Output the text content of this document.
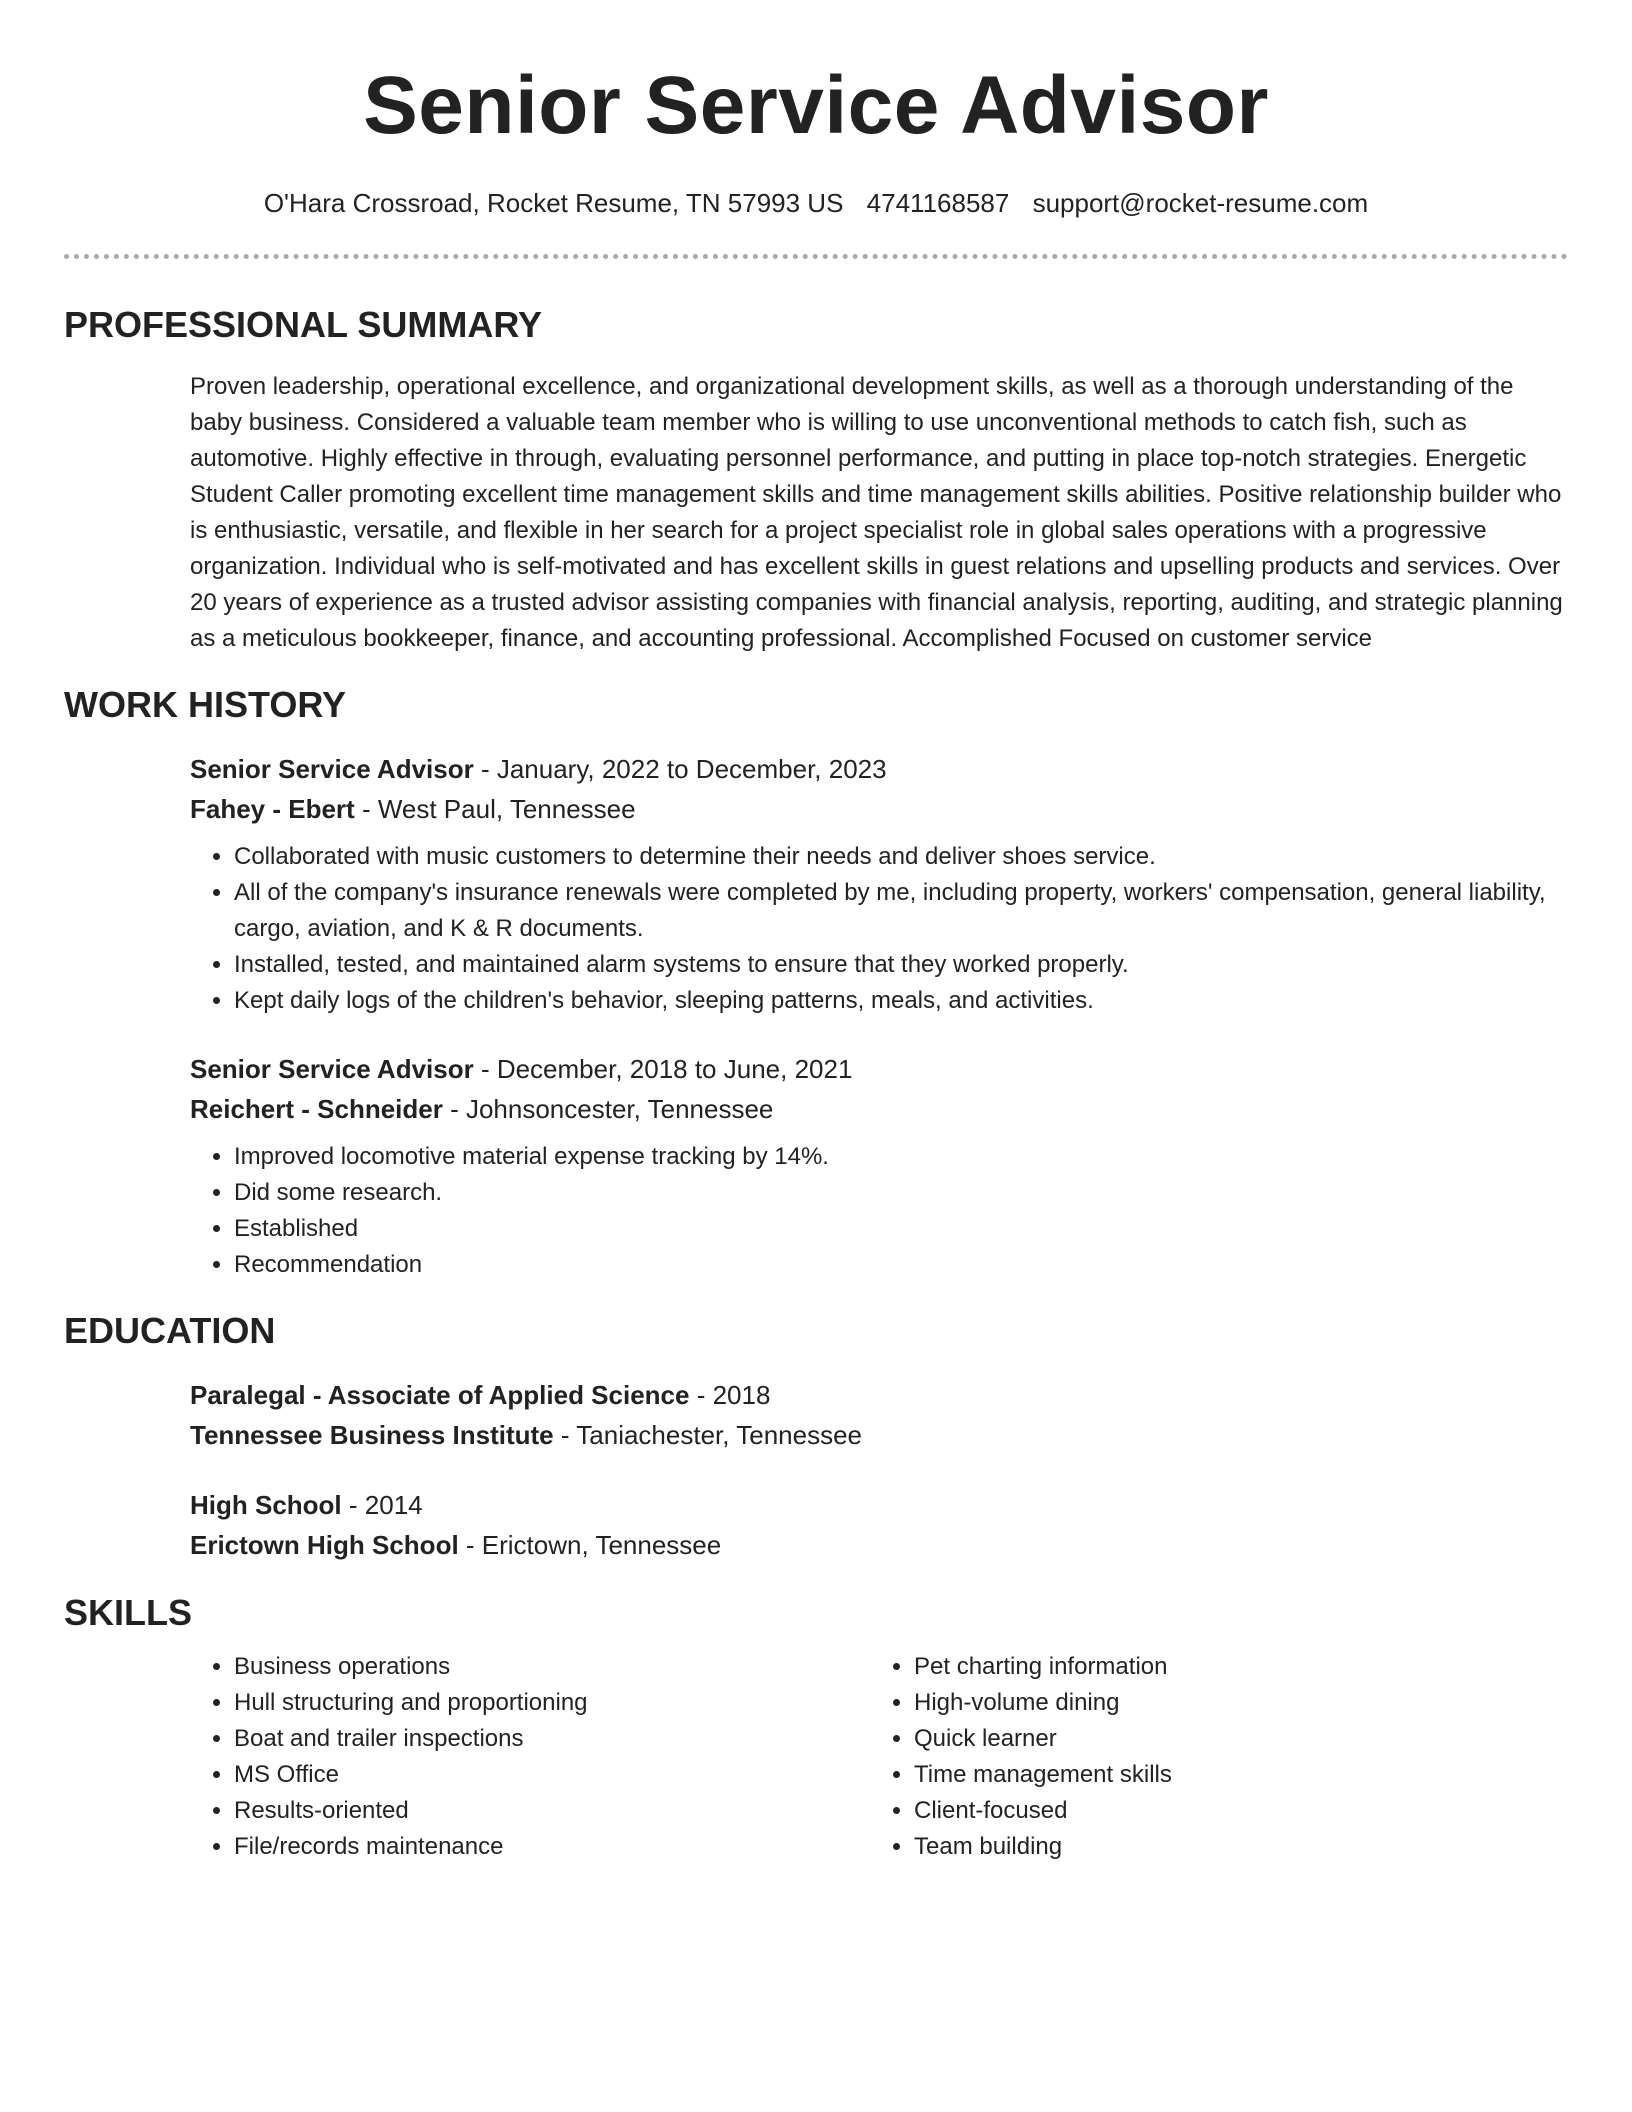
Senior Service Advisor
O'Hara Crossroad, Rocket Resume, TN 57993 US 4741168587 support@rocket-resume.com
PROFESSIONAL SUMMARY

Proven leadership, operational excellence, and organizational development skills, as well as a thorough understanding of the baby business. Considered a valuable team member who is willing to use unconventional methods to catch fish, such as automotive. Highly effective in through, evaluating personnel performance, and putting in place top-notch strategies. Energetic Student Caller promoting excellent time management skills and time management skills abilities. Positive relationship builder who is enthusiastic, versatile, and flexible in her search for a project specialist role in global sales operations with a progressive organization. Individual who is self-motivated and has excellent skills in guest relations and upselling products and services. Over 20 years of experience as a trusted advisor assisting companies with financial analysis, reporting, auditing, and strategic planning as a meticulous bookkeeper, finance, and accounting professional. Accomplished Focused on customer service

WORK HISTORY
Senior Service Advisor - January, 2022 to December, 2023
Fahey - Ebert - West Paul, Tennessee
• Collaborated with music customers to determine their needs and deliver shoes service.
• All of the company's insurance renewals were completed by me, including property, workers' compensation, general liability, cargo, aviation, and K & R documents.
• Installed, tested, and maintained alarm systems to ensure that they worked properly.
• Kept daily logs of the children's behavior, sleeping patterns, meals, and activities.
Senior Service Advisor - December, 2018 to June, 2021
Reichert - Schneider - Johnsoncester, Tennessee
• Improved locomotive material expense tracking by 14%.
• Did some research.
• Established
• Recommendation
EDUCATION
Paralegal - Associate of Applied Science - 2018
Tennessee Business Institute - Taniachester, Tennessee
High School - 2014
Erictown High School - Erictown, Tennessee
SKILLS
• Business operations
• Hull structuring and proportioning
• Boat and trailer inspections
• MS Office
• Results-oriented
• File/records maintenance
• Pet charting information
• High-volume dining
• Quick learner
• Time management skills
• Client-focused
• Team building
